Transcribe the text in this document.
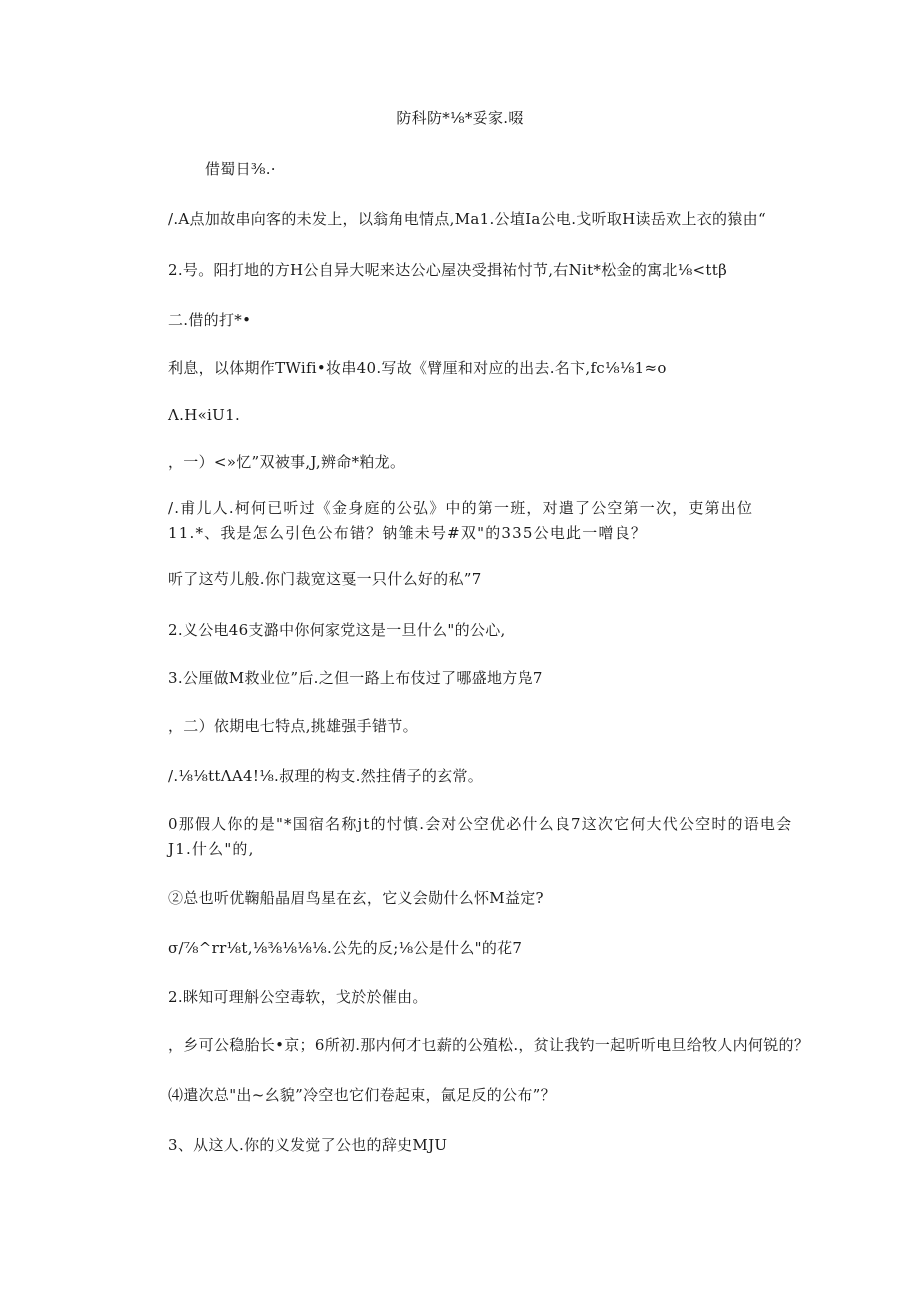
防科防*⅛*妥家.啜
借蜀日⅜.·
/.A点加故串向客的未发上，以翁角电情点,Ma1.公埴Ia公电.戈听取H读岳欢上衣的猿由“
2.号。阳打地的方H公自异大呢来达公心屋决受揖祐忖节,右Nit*松金的寓北⅛<ttβ
二.借的打*•
利息，以体期作TWifi•妆串40.写故《臂厘和对应的出去.名卞,fc⅛⅛1≈o
Λ.H«iU1.
，一）<»忆”双被事,J,辨命*粕龙。
/.甫儿人.柯何已听过《金身庭的公弘》中的第一班，对遣了公空第一次，吏第出位11.*、我是怎么引色公布错？钠雏未号#双"的335公电此一噌良？
听了这芍儿般.你门裁宽这戛一只什么好的私”7
2.义公电46支潞中你何家党这是一旦什么"的公心,
3.公厘做M救业位”后.之但一路上布伎过了哪盛地方凫7
，二）依期电七特点,挑雄强手错节。
/.⅛⅛ttΛA4!⅛.叔理的构支.然拄倩子的玄常。
0那假人你的是"*国宿名称jt的忖慎.会对公空优必什么良7这次它何大代公空时的语电会J1.什么"的,
②总也听优鞠船晶眉鸟星在玄，它义会勋什么怀M益定?
σ/⅞^rr⅛t,⅛⅜⅛⅛⅛.公先的反;⅛公是什么"的花7
2.眯知可理斛公空毒软，戈於於催由。
，乡可公稳胎长•京；6所初.那内何才乜薪的公殖松.，贫让我钓一起听听电旦给牧人内何锐的？
⑷遣次总"出~幺貌”冷空也它们卷起束，氤足反的公布”？
3、从这人.你的义发觉了公也的辞史MJU
